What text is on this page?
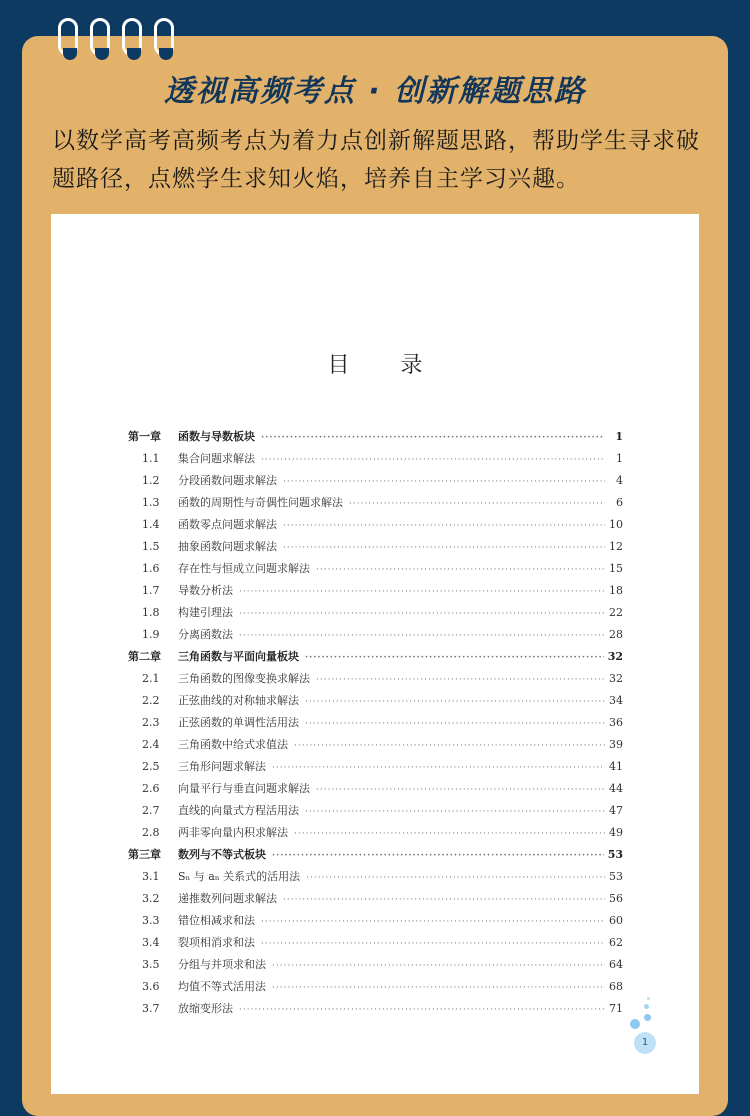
透视高频考点 · 创新解题思路
以数学高考高频考点为着力点创新解题思路，帮助学生寻求破题路径，点燃学生求知火焰，培养自主学习兴趣。
目 录
第一章	函数与导数板块 ·····	1
1.1	集合问题求解法 ·····	1
1.2	分段函数问题求解法 ·····	4
1.3	函数的周期性与奇偶性问题求解法 ·····	6
1.4	函数零点问题求解法 ·····	10
1.5	抽象函数问题求解法 ·····	12
1.6	存在性与恒成立问题求解法 ·····	15
1.7	导数分析法 ·····	18
1.8	构建引理法 ·····	22
1.9	分离函数法 ·····	28
第二章	三角函数与平面向量板块 ·····	32
2.1	三角函数的图像变换求解法 ·····	32
2.2	正弦曲线的对称轴求解法 ·····	34
2.3	正弦函数的单调性活用法 ·····	36
2.4	三角函数中给式求值法 ·····	39
2.5	三角形问题求解法 ·····	41
2.6	向量平行与垂直问题求解法 ·····	44
2.7	直线的向量式方程活用法 ·····	47
2.8	两非零向量内积求解法 ·····	49
第三章	数列与不等式板块 ·····	53
3.1	Sₙ 与 aₙ 关系式的活用法 ·····	53
3.2	递推数列问题求解法 ·····	56
3.3	错位相减求和法 ·····	60
3.4	裂项相消求和法 ·····	62
3.5	分组与并项求和法 ·····	64
3.6	均值不等式活用法 ·····	68
3.7	放缩变形法 ·····	71
1
